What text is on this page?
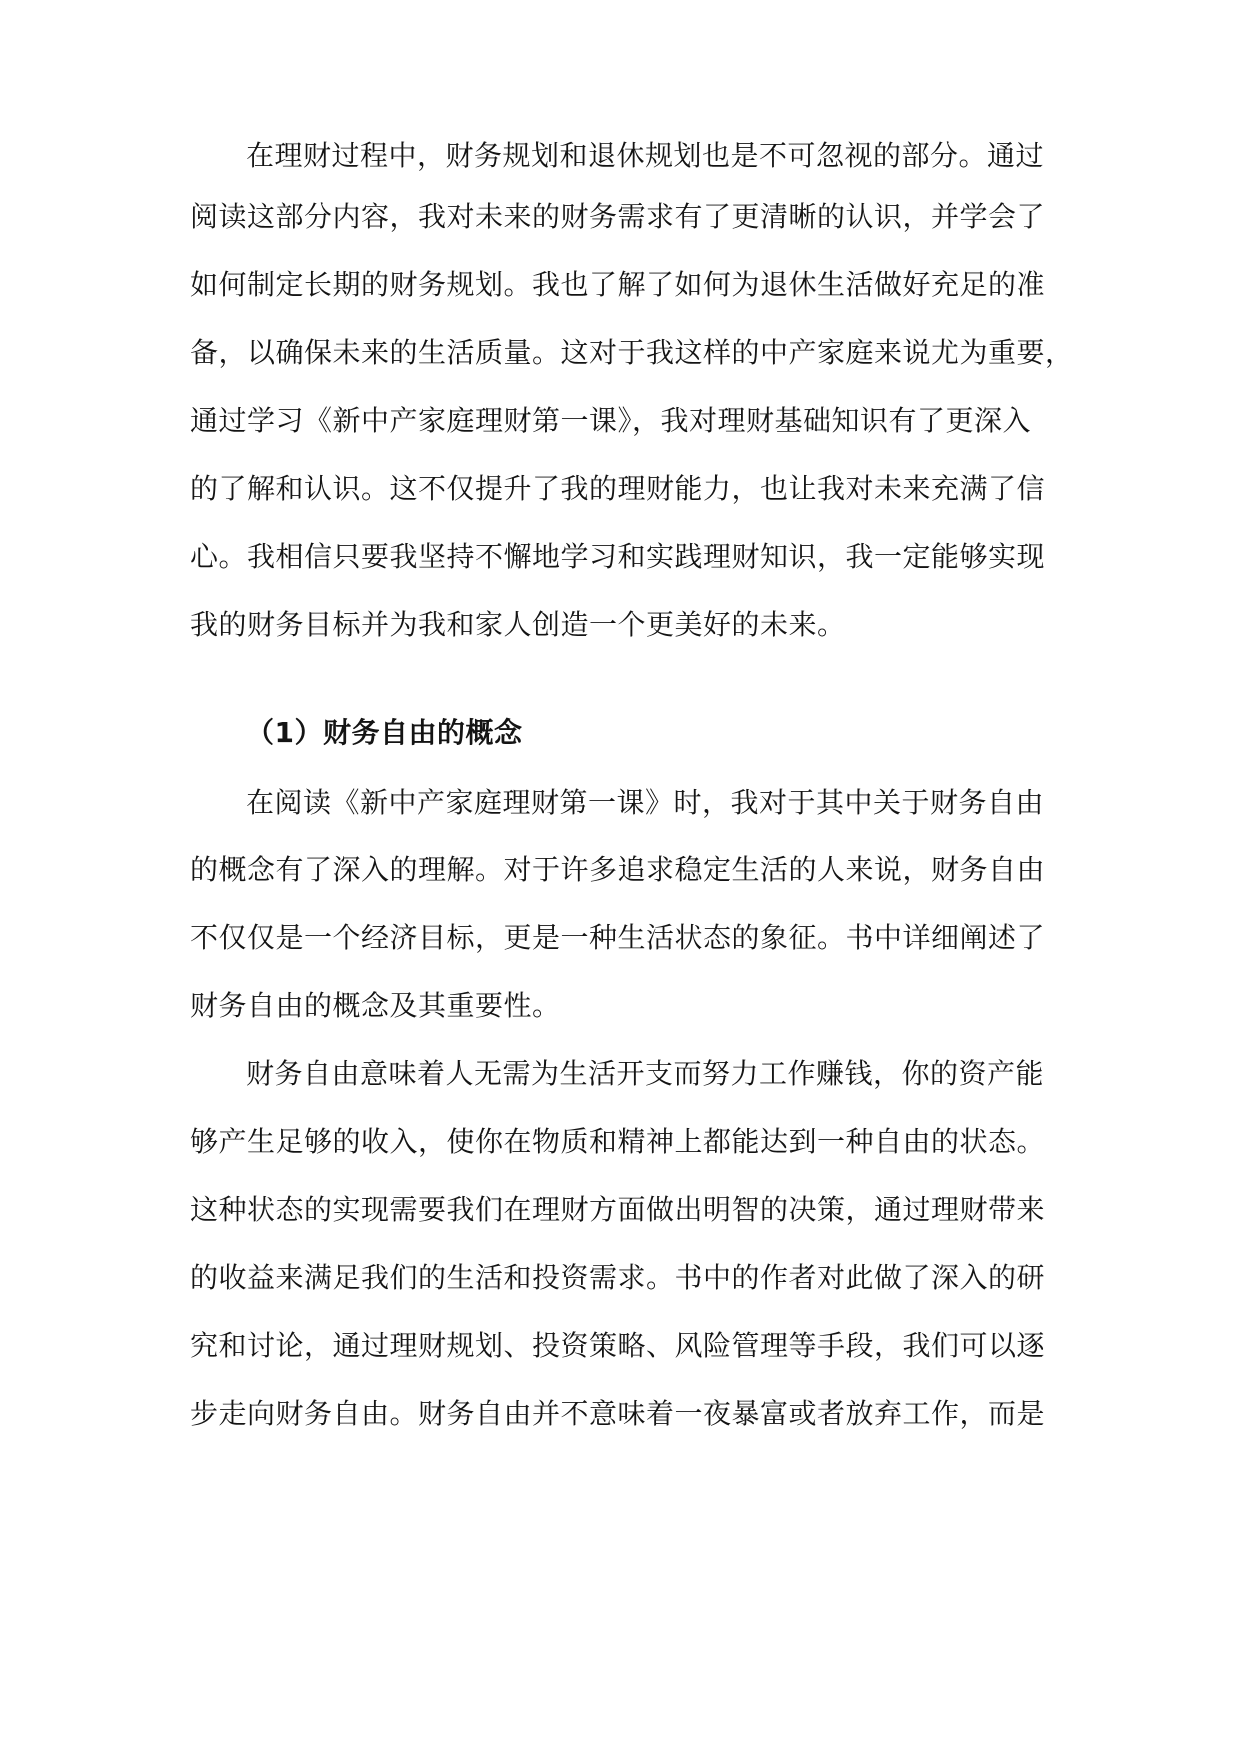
在理财过程中，财务规划和退休规划也是不可忽视的部分。通过
阅读这部分内容，我对未来的财务需求有了更清晰的认识，并学会了
如何制定长期的财务规划。我也了解了如何为退休生活做好充足的准
备，以确保未来的生活质量。这对于我这样的中产家庭来说尤为重要，
通过学习《新中产家庭理财第一课》，我对理财基础知识有了更深入
的了解和认识。这不仅提升了我的理财能力，也让我对未来充满了信
心。我相信只要我坚持不懈地学习和实践理财知识，我一定能够实现
我的财务目标并为我和家人创造一个更美好的未来。
（1）财务自由的概念
在阅读《新中产家庭理财第一课》时，我对于其中关于财务自由
的概念有了深入的理解。对于许多追求稳定生活的人来说，财务自由
不仅仅是一个经济目标，更是一种生活状态的象征。书中详细阐述了
财务自由的概念及其重要性。
财务自由意味着人无需为生活开支而努力工作赚钱，你的资产能
够产生足够的收入，使你在物质和精神上都能达到一种自由的状态。
这种状态的实现需要我们在理财方面做出明智的决策，通过理财带来
的收益来满足我们的生活和投资需求。书中的作者对此做了深入的研
究和讨论，通过理财规划、投资策略、风险管理等手段，我们可以逐
步走向财务自由。财务自由并不意味着一夜暴富或者放弃工作，而是
